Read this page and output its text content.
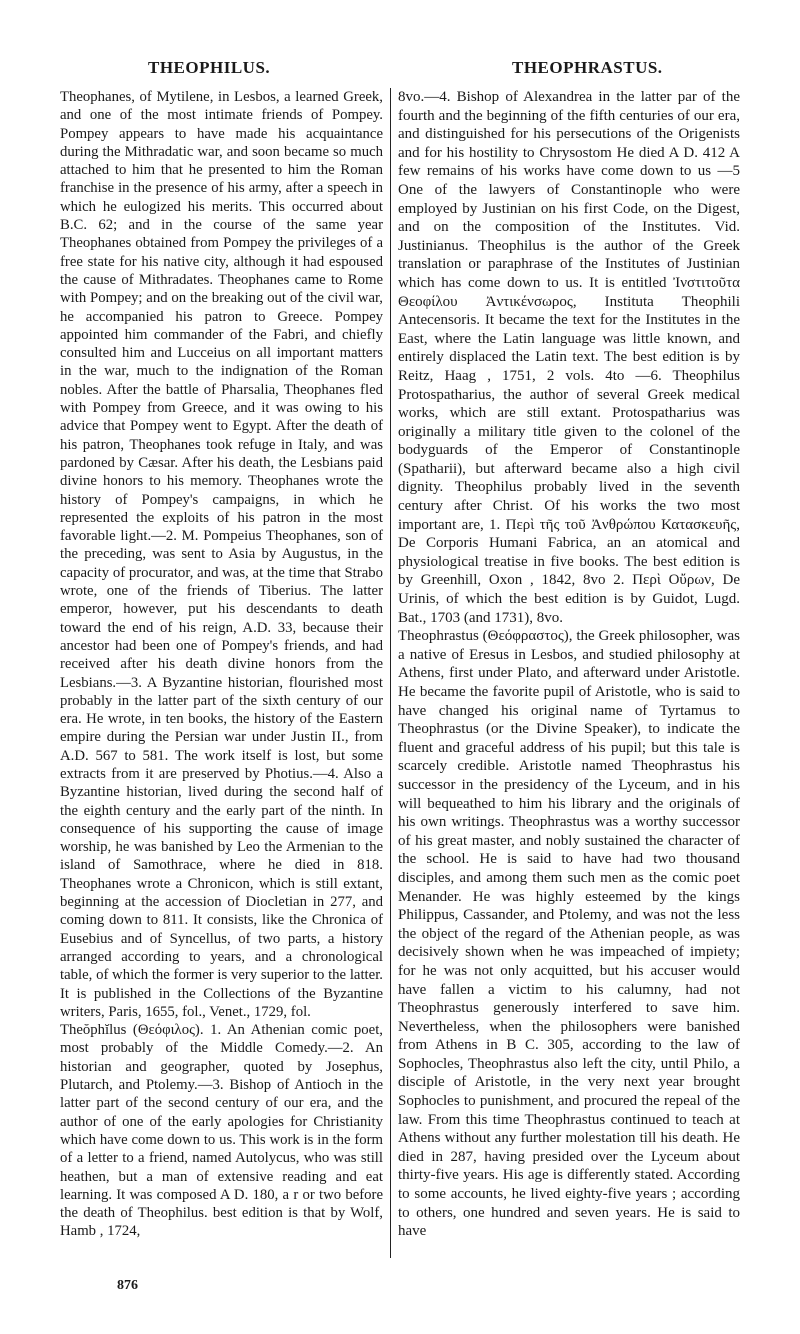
THEOPHILUS.	THEOPHRASTUS.

Theophanes, of Mytilene, in Lesbos, a learned Greek, and one of the most intimate friends of Pompey. Pompey appears to have made his acquaintance during the Mithradatic war, and soon became so much attached to him that he presented to him the Roman franchise in the presence of his army, after a speech in which he eulogized his merits. This occurred about B.C. 62; and in the course of the same year Theophanes obtained from Pompey the privileges of a free state for his native city, although it had espoused the cause of Mithradates. Theophanes came to Rome with Pompey; and on the breaking out of the civil war, he accompanied his patron to Greece. Pompey appointed him commander of the Fabri, and chiefly consulted him and Lucceius on all important matters in the war, much to the indignation of the Roman nobles. After the battle of Pharsalia, Theophanes fled with Pompey from Greece, and it was owing to his advice that Pompey went to Egypt. After the death of his patron, Theophanes took refuge in Italy, and was pardoned by Cæsar. After his death, the Lesbians paid divine honors to his memory. Theophanes wrote the history of Pompey's campaigns, in which he represented the exploits of his patron in the most favorable light.—2. M. Pompeius Theophanes, son of the preceding, was sent to Asia by Augustus, in the capacity of procurator, and was, at the time that Strabo wrote, one of the friends of Tiberius. The latter emperor, however, put his descendants to death toward the end of his reign, A.D. 33, because their ancestor had been one of Pompey's friends, and had received after his death divine honors from the Lesbians.—3. A Byzantine historian, flourished most probably in the latter part of the sixth century of our era. He wrote, in ten books, the history of the Eastern empire during the Persian war under Justin II., from A.D. 567 to 581. The work itself is lost, but some extracts from it are preserved by Photius.—4. Also a Byzantine historian, lived during the second half of the eighth century and the early part of the ninth. In consequence of his supporting the cause of image worship, he was banished by Leo the Armenian to the island of Samothrace, where he died in 818. Theophanes wrote a Chronicon, which is still extant, beginning at the accession of Diocletian in 277, and coming down to 811. It consists, like the Chronica of Eusebius and of Syncellus, of two parts, a history arranged according to years, and a chronological table, of which the former is very superior to the latter. It is published in the Collections of the Byzantine writers, Paris, 1655, fol., Venet., 1729, fol.

Theŏphĭlus (Θεόφιλος). 1. An Athenian comic poet, most probably of the Middle Comedy.—2. An historian and geographer, quoted by Josephus, Plutarch, and Ptolemy.—3. Bishop of Antioch in the latter part of the second century of our era, and the author of one of the early apologies for Christianity which have come down to us. This work is in the form of a letter to a friend, named Autolycus, who was still heathen, but a man of extensive reading and eat learning. It was composed A D. 180, a r or two before the death of Theophilus. best edition is that by Wolf, Hamb , 1724,

8vo.—4. Bishop of Alexandrea in the latter par of the fourth and the beginning of the fifth centuries of our era, and distinguished for his persecutions of the Origenists and for his hostility to Chrysostom He died A D. 412 A few remains of his works have come down to us —5 One of the lawyers of Constantinople who were employed by Justinian on his first Code, on the Digest, and on the composition of the Institutes. Vid. Justinianus. Theophilus is the author of the Greek translation or paraphrase of the Institutes of Justinian which has come down to us. It is entitled Ἰνστιτοῦτα Θεοφίλου Ἀντικένσωρος, Instituta Theophili Antecensoris. It became the text for the Institutes in the East, where the Latin language was little known, and entirely displaced the Latin text. The best edition is by Reitz, Haag , 1751, 2 vols. 4to —6. Theophilus Protospatharius, the author of several Greek medical works, which are still extant. Protospatharius was originally a military title given to the colonel of the bodyguards of the Emperor of Constantinople (Spatharii), but afterward became also a high civil dignity. Theophilus probably lived in the seventh century after Christ. Of his works the two most important are, 1. Περὶ τῆς τοῦ Ἀνθρώπου Κατασκευῆς, De Corporis Humani Fabrica, an an atomical and physiological treatise in five books. The best edition is by Greenhill, Oxon , 1842, 8vo 2. Περὶ Οὔρων, De Urinis, of which the best edition is by Guidot, Lugd. Bat., 1703 (and 1731), 8vo.

Theophrastus (Θεόφραστος), the Greek philosopher, was a native of Eresus in Lesbos, and studied philosophy at Athens, first under Plato, and afterward under Aristotle. He became the favorite pupil of Aristotle, who is said to have changed his original name of Tyrtamus to Theophrastus (or the Divine Speaker), to indicate the fluent and graceful address of his pupil; but this tale is scarcely credible. Aristotle named Theophrastus his successor in the presidency of the Lyceum, and in his will bequeathed to him his library and the originals of his own writings. Theophrastus was a worthy successor of his great master, and nobly sustained the character of the school. He is said to have had two thousand disciples, and among them such men as the comic poet Menander. He was highly esteemed by the kings Philippus, Cassander, and Ptolemy, and was not the less the object of the regard of the Athenian people, as was decisively shown when he was impeached of impiety; for he was not only acquitted, but his accuser would have fallen a victim to his calumny, had not Theophrastus generously interfered to save him. Nevertheless, when the philosophers were banished from Athens in B C. 305, according to the law of Sophocles, Theophrastus also left the city, until Philo, a disciple of Aristotle, in the very next year brought Sophocles to punishment, and procured the repeal of the law. From this time Theophrastus continued to teach at Athens without any further molestation till his death. He died in 287, having presided over the Lyceum about thirty-five years. His age is differently stated. According to some accounts, he lived eighty-five years ; according to others, one hundred and seven years. He is said to have

876
